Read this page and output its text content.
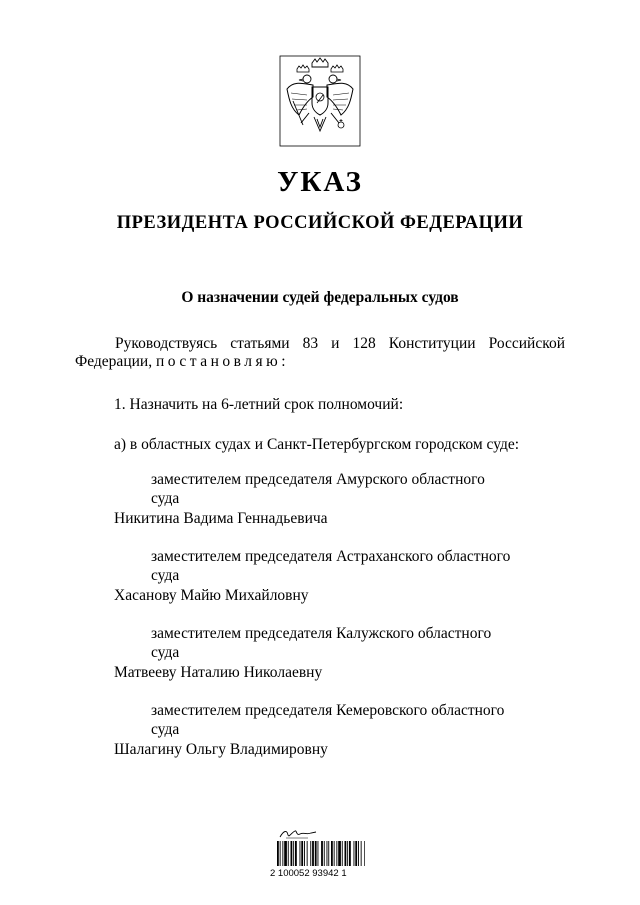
УКАЗ
ПРЕЗИДЕНТА РОССИЙСКОЙ ФЕДЕРАЦИИ
О назначении судей федеральных судов
Руководствуясь статьями 83 и 128 Конституции Российской
Федерации, постановляю:
1. Назначить на 6-летний срок полномочий:
а) в областных судах и Санкт-Петербургском городском суде:
заместителем председателя Амурского областного
суда
Никитина Вадима Геннадьевича
заместителем председателя Астраханского областного
суда
Хасанову Майю Михайловну
заместителем председателя Калужского областного
суда
Матвееву Наталию Николаевну
заместителем председателя Кемеровского областного
суда
Шалагину Ольгу Владимировну
2 100052 93942 1
